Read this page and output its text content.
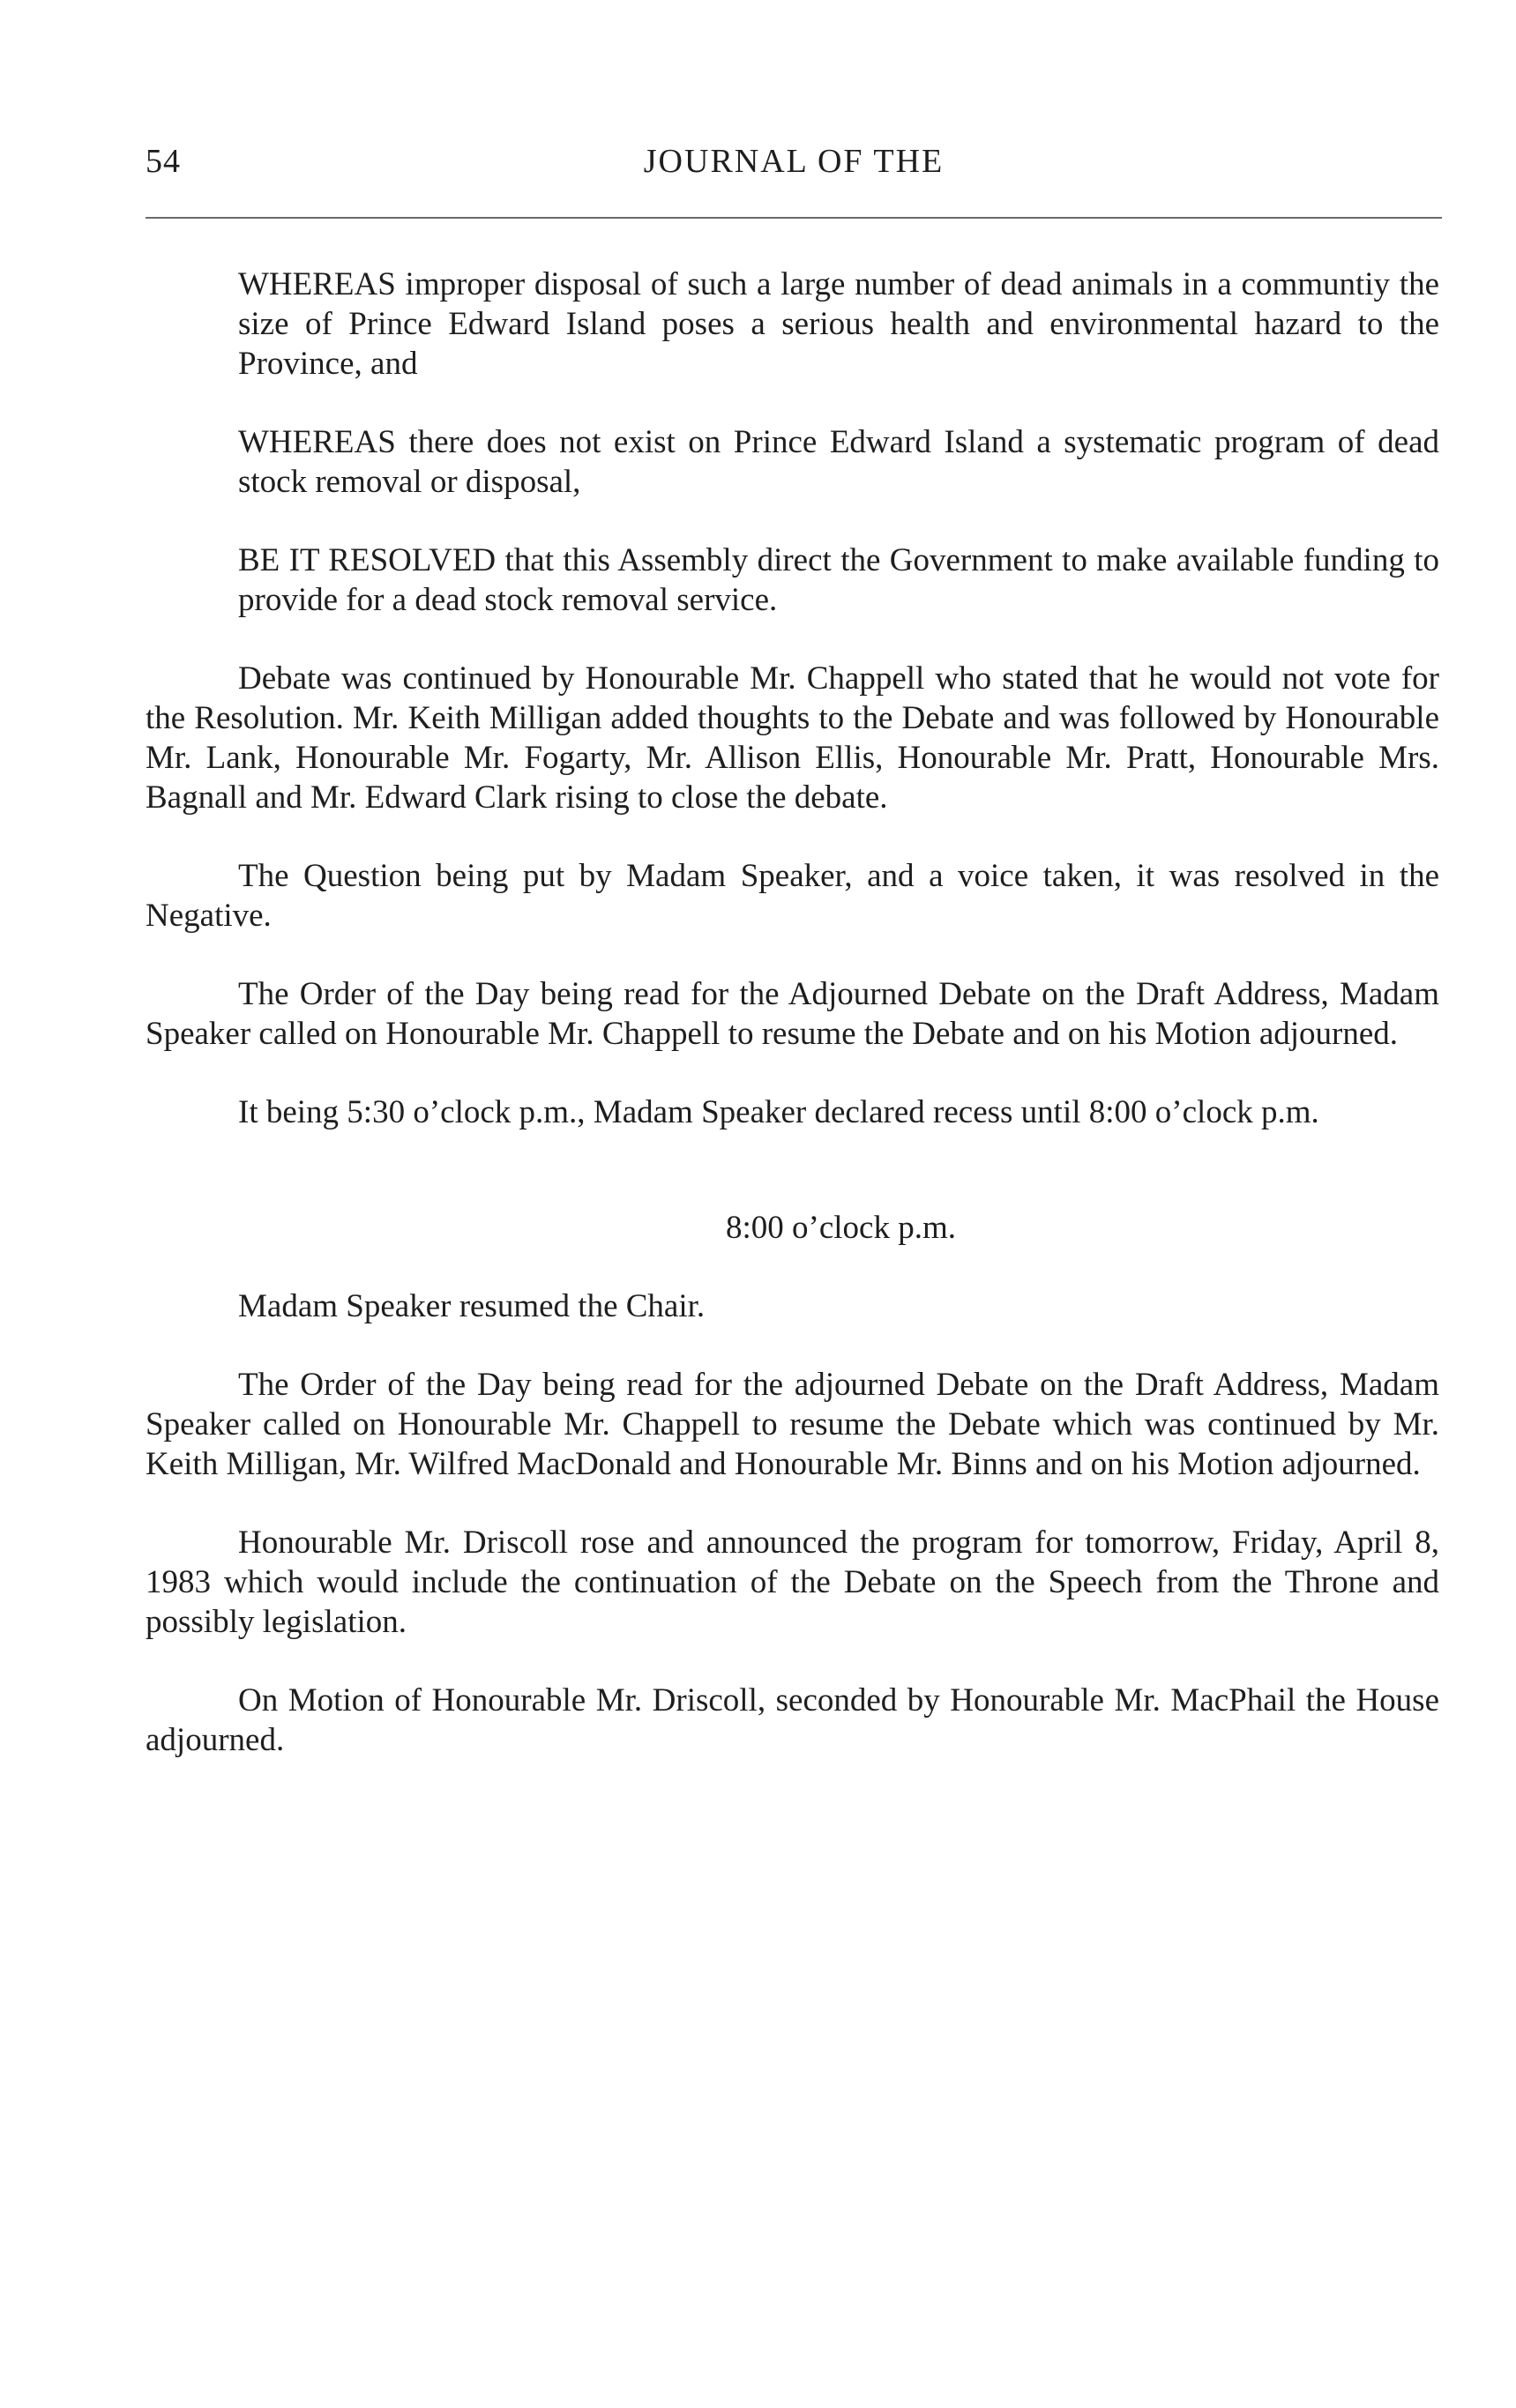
54	JOURNAL OF THE

WHEREAS improper disposal of such a large number of dead animals in a communtiy the size of Prince Edward Island poses a serious health and environmental hazard to the Province, and

WHEREAS there does not exist on Prince Edward Island a systematic program of dead stock removal or disposal,

BE IT RESOLVED that this Assembly direct the Government to make available funding to provide for a dead stock removal service.

Debate was continued by Honourable Mr. Chappell who stated that he would not vote for the Resolution. Mr. Keith Milligan added thoughts to the Debate and was followed by Honourable Mr. Lank, Honourable Mr. Fogarty, Mr. Allison Ellis, Honourable Mr. Pratt, Honourable Mrs. Bagnall and Mr. Edward Clark rising to close the debate.

The Question being put by Madam Speaker, and a voice taken, it was resolved in the Negative.

The Order of the Day being read for the Adjourned Debate on the Draft Address, Madam Speaker called on Honourable Mr. Chappell to resume the Debate and on his Motion adjourned.

It being 5:30 o’clock p.m., Madam Speaker declared recess until 8:00 o’clock p.m.

8:00 o’clock p.m.

Madam Speaker resumed the Chair.

The Order of the Day being read for the adjourned Debate on the Draft Address, Madam Speaker called on Honourable Mr. Chappell to resume the Debate which was continued by Mr. Keith Milligan, Mr. Wilfred MacDonald and Honourable Mr. Binns and on his Motion adjourned.

Honourable Mr. Driscoll rose and announced the program for tomorrow, Friday, April 8, 1983 which would include the continuation of the Debate on the Speech from the Throne and possibly legislation.

On Motion of Honourable Mr. Driscoll, seconded by Honourable Mr. MacPhail the House adjourned.
